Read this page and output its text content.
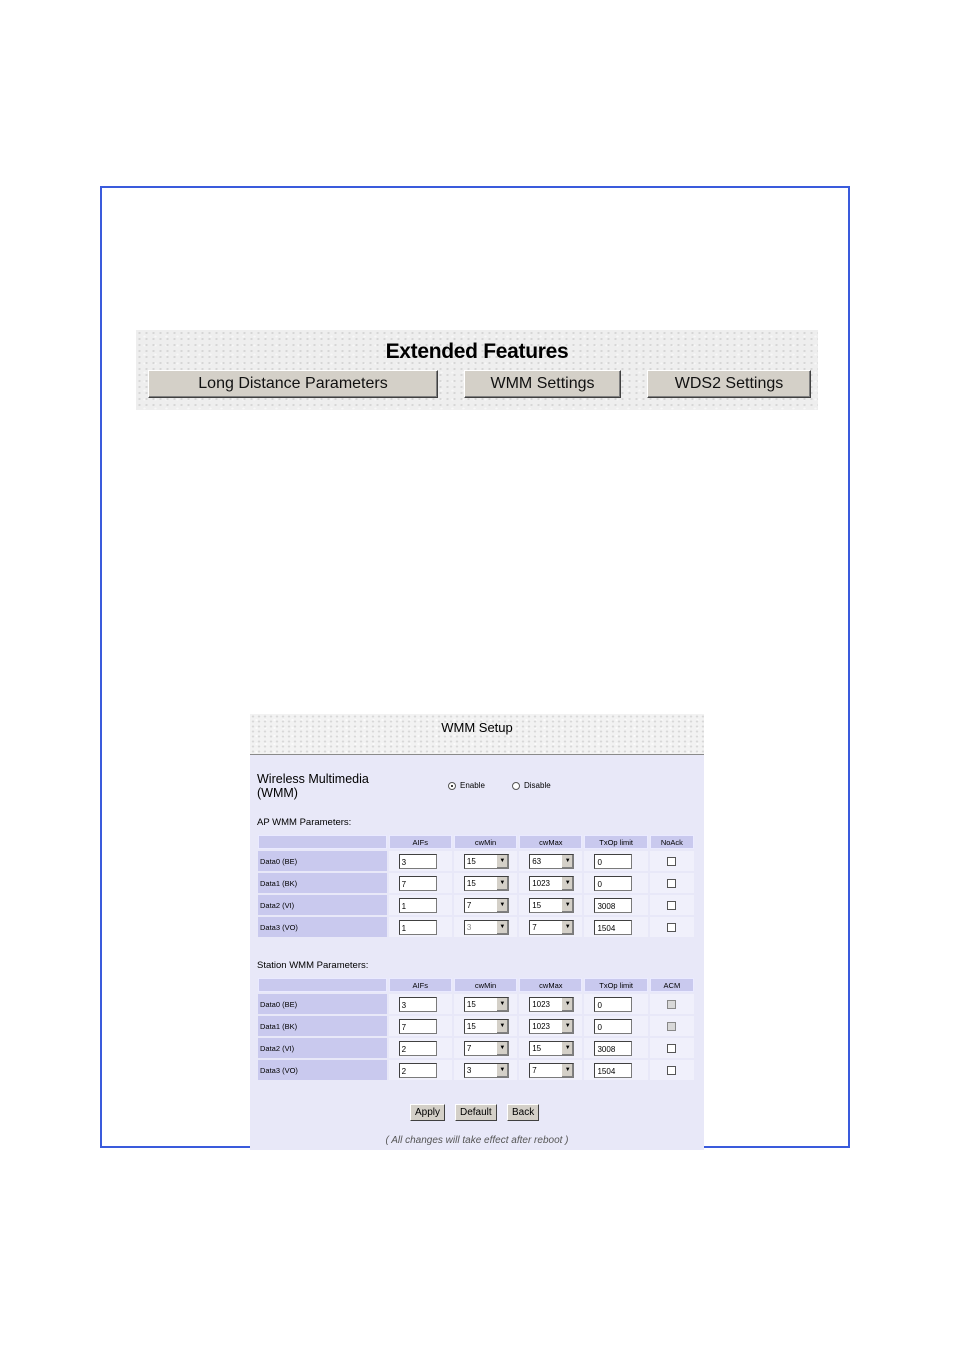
Extended Features
Long Distance Parameters	WMM Settings	WDS2 Settings
WMM Setup
Wireless Multimedia
(WMM)
Enable	Disable
AP WMM Parameters:
	AIFs	cwMin	cwMax	TxOp limit	NoAck
Data0 (BE)	3	15 ▼	63 ▼	0	
Data1 (BK)	7	15 ▼	1023 ▼	0	
Data2 (VI)	1	7 ▼	15 ▼	3008	
Data3 (VO)	1	3 ▼	7 ▼	1504	
Station WMM Parameters:
	AIFs	cwMin	cwMax	TxOp limit	ACM
Data0 (BE)	3	15 ▼	1023 ▼	0	
Data1 (BK)	7	15 ▼	1023 ▼	0	
Data2 (VI)	2	7 ▼	15 ▼	3008	
Data3 (VO)	2	3 ▼	7 ▼	1504	
Apply	Default	Back
( All changes will take effect after reboot )
